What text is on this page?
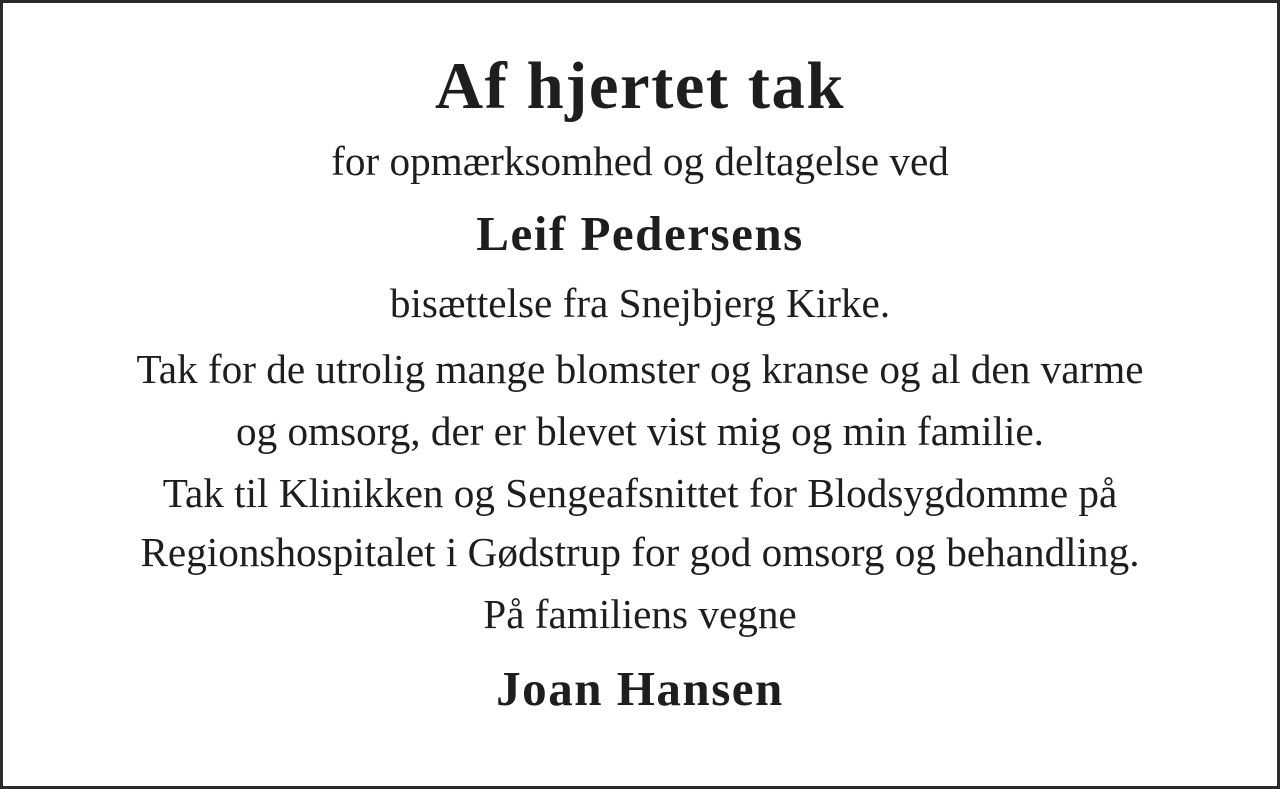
Af hjertet tak
for opmærksomhed og deltagelse ved
Leif Pedersens
bisættelse fra Snejbjerg Kirke.
Tak for de utrolig mange blomster og kranse og al den varme
og omsorg, der er blevet vist mig og min familie.
Tak til Klinikken og Sengeafsnittet for Blodsygdomme på
Regionshospitalet i Gødstrup for god omsorg og behandling.
På familiens vegne
Joan Hansen
